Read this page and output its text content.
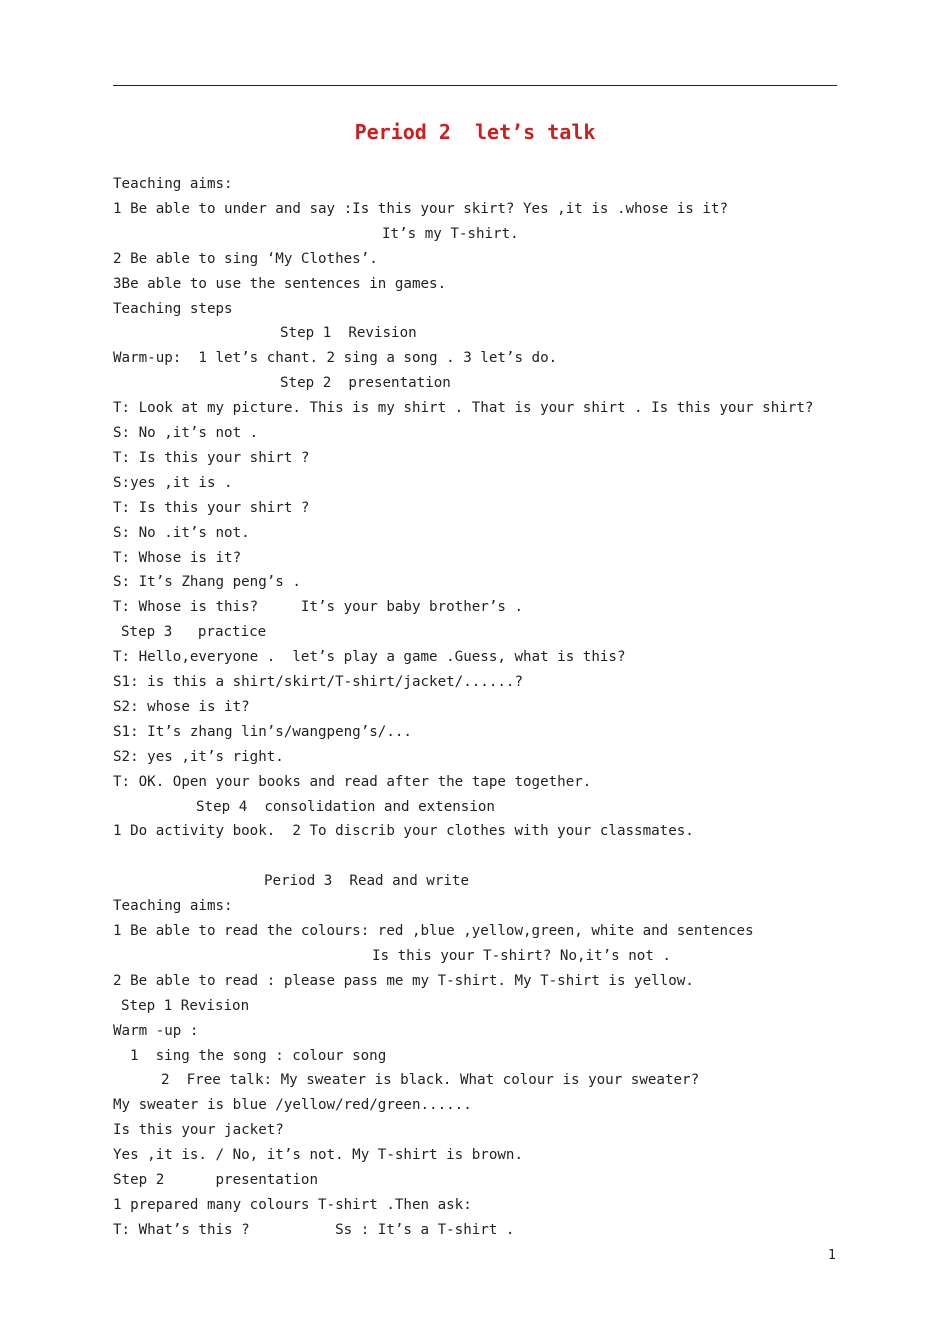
Period 2  let’s talk
Teaching aims:
1 Be able to under and say :Is this your skirt? Yes ,it is .whose is it?
It’s my T-shirt.
2 Be able to sing ‘My Clothes’.
3Be able to use the sentences in games.
Teaching steps
Step 1  Revision
Warm-up:  1 let’s chant. 2 sing a song . 3 let’s do.
Step 2  presentation
T: Look at my picture. This is my shirt . That is your shirt . Is this your shirt?
S: No ,it’s not .
T: Is this your shirt ?
S:yes ,it is .
T: Is this your shirt ?
S: No .it’s not.
T: Whose is it?
S: It’s Zhang peng’s .
T: Whose is this?     It’s your baby brother’s .
Step 3   practice
T: Hello,everyone .  let’s play a game .Guess, what is this?
S1: is this a shirt/skirt/T-shirt/jacket/......?
S2: whose is it?
S1: It’s zhang lin’s/wangpeng’s/...
S2: yes ,it’s right.
T: OK. Open your books and read after the tape together.
Step 4  consolidation and extension
1 Do activity book.  2 To discrib your clothes with your classmates.
Period 3  Read and write
Teaching aims:
1 Be able to read the colours: red ,blue ,yellow,green, white and sentences
Is this your T-shirt? No,it’s not .
2 Be able to read : please pass me my T-shirt. My T-shirt is yellow.
Step 1 Revision
Warm -up :
1  sing the song : colour song
2  Free talk: My sweater is black. What colour is your sweater?
My sweater is blue /yellow/red/green......
Is this your jacket?
Yes ,it is. / No, it’s not. My T-shirt is brown.
Step 2      presentation
1 prepared many colours T-shirt .Then ask:
T: What’s this ?          Ss : It’s a T-shirt .
1
